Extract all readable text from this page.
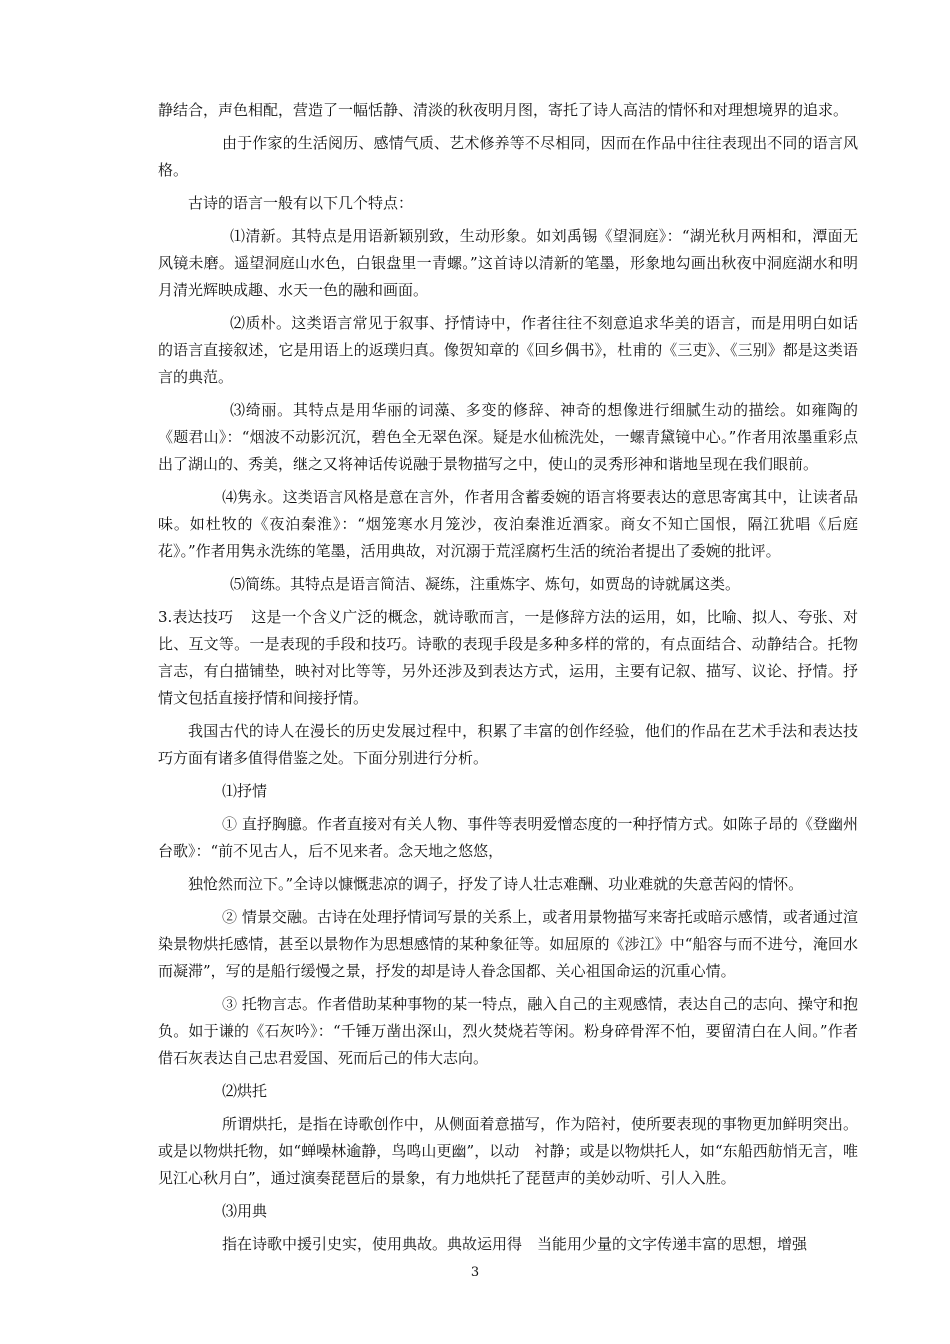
静结合，声色相配，营造了一幅恬静、清淡的秋夜明月图，寄托了诗人高洁的情怀和对理想境界的追求。

由于作家的生活阅历、感情气质、艺术修养等不尽相同，因而在作品中往往表现出不同的语言风格。

古诗的语言一般有以下几个特点：

⑴清新。其特点是用语新颖别致，生动形象。如刘禹锡《望洞庭》：“湖光秋月两相和，潭面无风镜未磨。遥望洞庭山水色，白银盘里一青螺。”这首诗以清新的笔墨，形象地勾画出秋夜中洞庭湖水和明月清光辉映成趣、水天一色的融和画面。

⑵质朴。这类语言常见于叙事、抒情诗中，作者往往不刻意追求华美的语言，而是用明白如话的语言直接叙述，它是用语上的返璞归真。像贺知章的《回乡偶书》，杜甫的《三吏》、《三别》都是这类语言的典范。

⑶绮丽。其特点是用华丽的词藻、多变的修辞、神奇的想像进行细腻生动的描绘。如雍陶的《题君山》：“烟波不动影沉沉，碧色全无翠色深。疑是水仙梳洗处，一螺青黛镜中心。”作者用浓墨重彩点出了湖山的、秀美，继之又将神话传说融于景物描写之中，使山的灵秀形神和谐地呈现在我们眼前。

⑷隽永。这类语言风格是意在言外，作者用含蓄委婉的语言将要表达的意思寄寓其中，让读者品味。如杜牧的《夜泊秦淮》：“烟笼寒水月笼沙，夜泊秦淮近酒家。商女不知亡国恨，隔江犹唱《后庭花》。”作者用隽永洗练的笔墨，活用典故，对沉溺于荒淫腐朽生活的统治者提出了委婉的批评。

⑸简练。其特点是语言简洁、凝练，注重炼字、炼句，如贾岛的诗就属这类。

3.表达技巧 这是一个含义广泛的概念，就诗歌而言，一是修辞方法的运用，如，比喻、拟人、夸张、对比、互文等。一是表现的手段和技巧。诗歌的表现手段是多种多样的常的，有点面结合、动静结合。托物言志，有白描铺垫，映衬对比等等，另外还涉及到表达方式，运用，主要有记叙、描写、议论、抒情。抒情文包括直接抒情和间接抒情。

我国古代的诗人在漫长的历史发展过程中，积累了丰富的创作经验，他们的作品在艺术手法和表达技巧方面有诸多值得借鉴之处。下面分别进行分析。

⑴抒情

① 直抒胸臆。作者直接对有关人物、事件等表明爱憎态度的一种抒情方式。如陈子昂的《登幽州台歌》：“前不见古人，后不见来者。念天地之悠悠，

独怆然而泣下。”全诗以慷慨悲凉的调子，抒发了诗人壮志难酬、功业难就的失意苦闷的情怀。

② 情景交融。古诗在处理抒情词写景的关系上，或者用景物描写来寄托或暗示感情，或者通过渲染景物烘托感情，甚至以景物作为思想感情的某种象征等。如屈原的《涉江》中“船容与而不进兮，淹回水而凝滞”，写的是船行缓慢之景，抒发的却是诗人眷念国都、关心祖国命运的沉重心情。

③ 托物言志。作者借助某种事物的某一特点，融入自己的主观感情，表达自己的志向、操守和抱　负。如于谦的《石灰吟》：“千锤万凿出深山，烈火焚烧若等闲。粉身碎骨浑不怕，要留清白在人间。”作者借石灰表达自己忠君爱国、死而后己的伟大志向。

⑵烘托

所谓烘托，是指在诗歌创作中，从侧面着意描写，作为陪衬，使所要表现的事物更加鲜明突出。或是以物烘托物，如“蝉噪林逾静，鸟鸣山更幽”，以动　衬静；或是以物烘托人，如“东船西舫悄无言，唯见江心秋月白”，通过演奏琵琶后的景象，有力地烘托了琵琶声的美妙动听、引人入胜。

⑶用典

指在诗歌中援引史实，使用典故。典故运用得　当能用少量的文字传递丰富的思想，增强

3
